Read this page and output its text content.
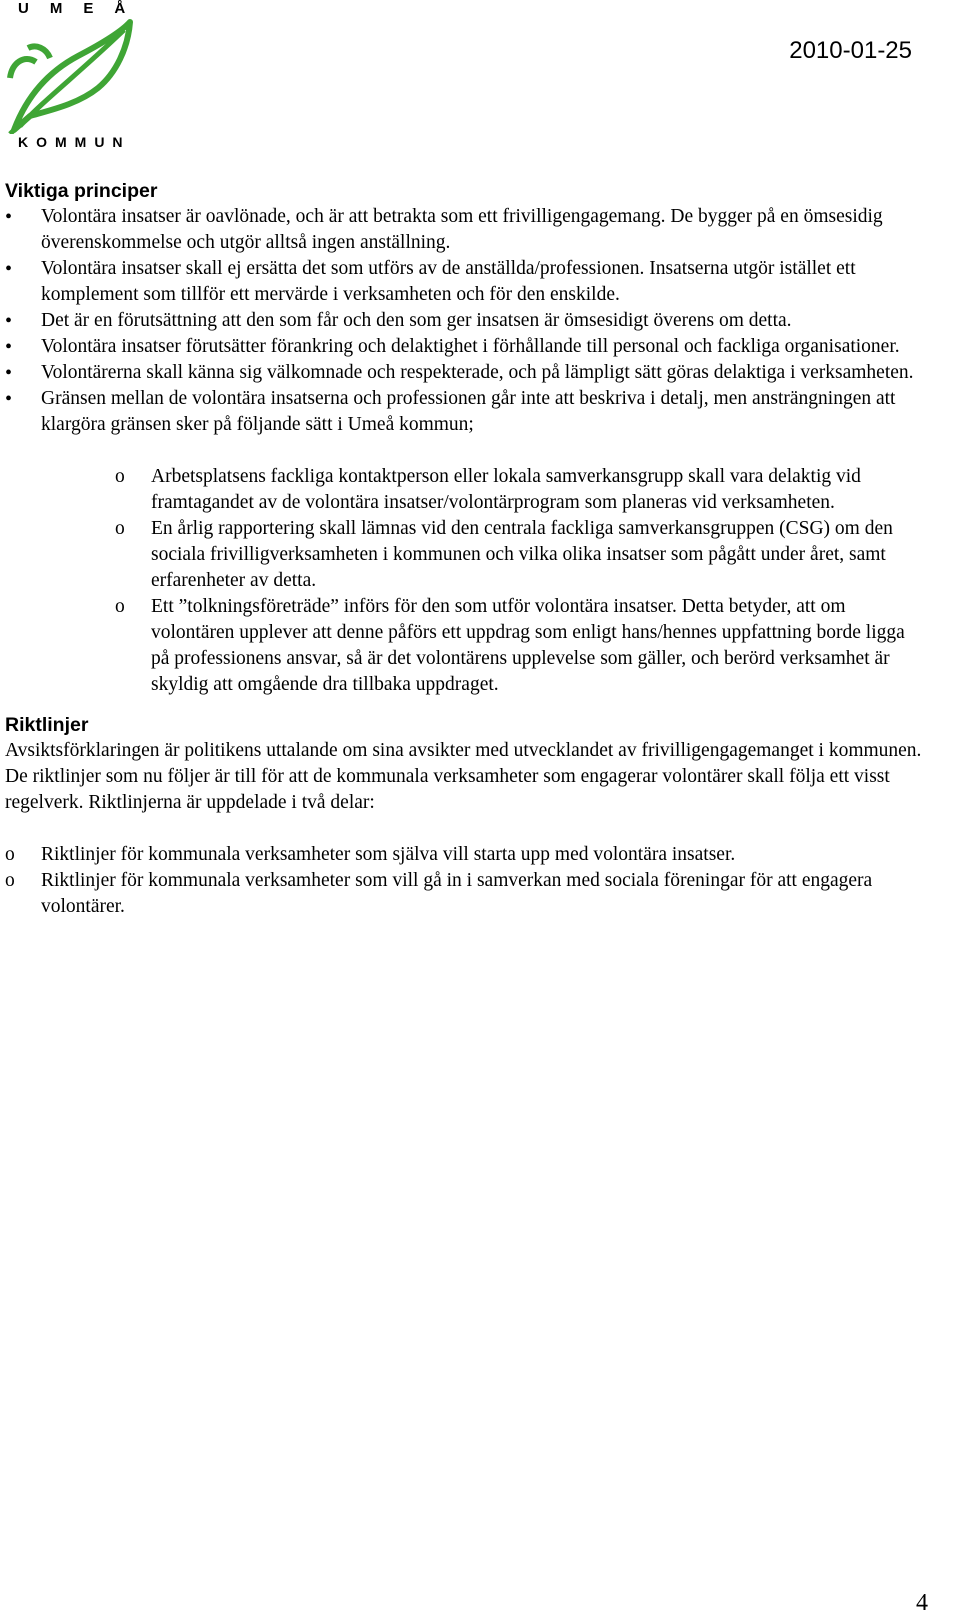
UMEÅ
KOMMUN
2010-01-25
Viktiga principer
• Volontära insatser är oavlönade, och är att betrakta som ett frivilligengagemang. De bygger på en ömsesidig överenskommelse och utgör alltså ingen anställning.
• Volontära insatser skall ej ersätta det som utförs av de anställda/professionen. Insatserna utgör istället ett komplement som tillför ett mervärde i verksamheten och för den enskilde.
• Det är en förutsättning att den som får och den som ger insatsen är ömsesidigt överens om detta.
• Volontära insatser förutsätter förankring och delaktighet i förhållande till personal och fackliga organisationer.
• Volontärerna skall känna sig välkomnade och respekterade, och på lämpligt sätt göras delaktiga i verksamheten.
• Gränsen mellan de volontära insatserna och professionen går inte att beskriva i detalj, men ansträngningen att klargöra gränsen sker på följande sätt i Umeå kommun;
o Arbetsplatsens fackliga kontaktperson eller lokala samverkansgrupp skall vara delaktig vid framtagandet av de volontära insatser/volontärprogram som planeras vid verksamheten.
o En årlig rapportering skall lämnas vid den centrala fackliga samverkansgruppen (CSG) om den sociala frivilligverksamheten i kommunen och vilka olika insatser som pågått under året, samt erfarenheter av detta.
o Ett ”tolkningsföreträde” införs för den som utför volontära insatser. Detta betyder, att om volontären upplever att denne påförs ett uppdrag som enligt hans/hennes uppfattning borde ligga på professionens ansvar, så är det volontärens upplevelse som gäller, och berörd verksamhet är skyldig att omgående dra tillbaka uppdraget.
Riktlinjer

Avsiktsförklaringen är politikens uttalande om sina avsikter med utvecklandet av frivilligengagemanget i kommunen. De riktlinjer som nu följer är till för att de kommunala verksamheter som engagerar volontärer skall följa ett visst regelverk. Riktlinjerna är uppdelade i två delar:

o Riktlinjer för kommunala verksamheter som själva vill starta upp med volontära insatser.
o Riktlinjer för kommunala verksamheter som vill gå in i samverkan med sociala föreningar för att engagera volontärer.
4
